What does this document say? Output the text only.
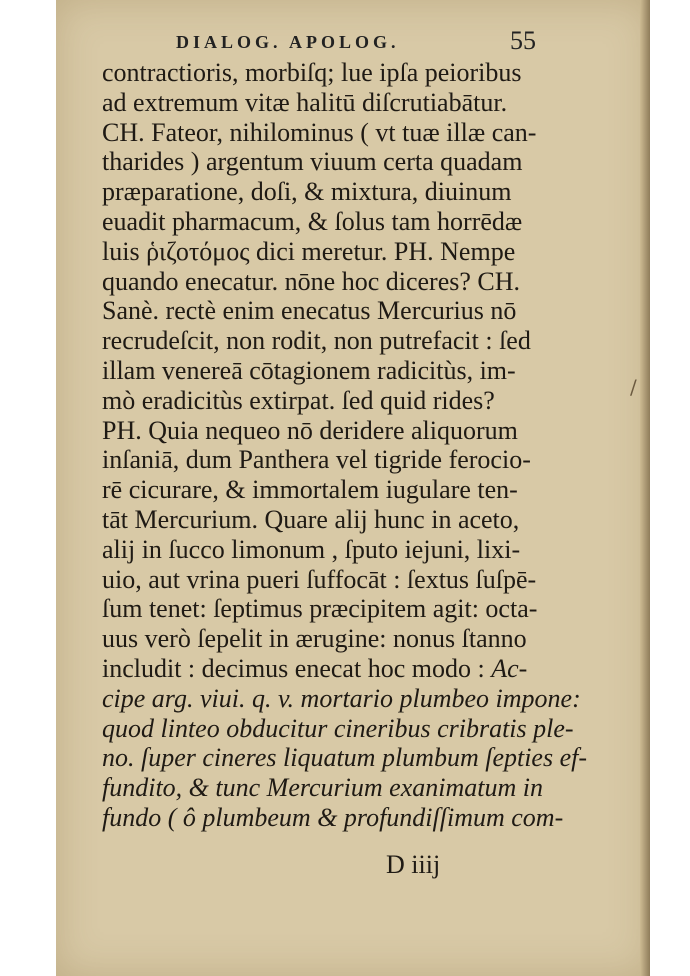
DIALOG. APOLOG.	55
contractioris, morbiſq; lue ipſa peioribus
ad extremum vitæ halitū diſcrutiabātur.
CH. Fateor, nihilominus ( vt tuæ illæ can-
tharides ) argentum viuum certa quadam
præparatione, doſi, & mixtura, diuinum
euadit pharmacum, & ſolus tam horrēdæ
luis ῥιζοτόμος dici meretur. PH. Nempe
quando enecatur. nōne hoc diceres? CH.
Sanè. rectè enim enecatus Mercurius nō
recrudeſcit, non rodit, non putrefacit : ſed
illam venereā cōtagionem radicitùs, im-
mò eradicitùs extirpat. ſed quid rides?
PH. Quia nequeo nō deridere aliquorum
inſaniā, dum Panthera vel tigride ferocio-
rē cicurare, & immortalem iugulare ten-
tāt Mercurium. Quare alij hunc in aceto,
alij in ſucco limonum , ſputo iejuni, lixi-
uio, aut vrina pueri ſuffocāt : ſextus ſuſpē-
ſum tenet: ſeptimus præcipitem agit: octa-
uus verò ſepelit in ærugine: nonus ſtanno
includit : decimus enecat hoc modo : Ac-
cipe arg. viui. q. v. mortario plumbeo impone:
quod linteo obducitur cineribus cribratis ple-
no. ſuper cineres liquatum plumbum ſepties ef-
fundito, & tunc Mercurium exanimatum in
fundo ( ô plumbeum & profundiſſimum com-
D iiij
/
